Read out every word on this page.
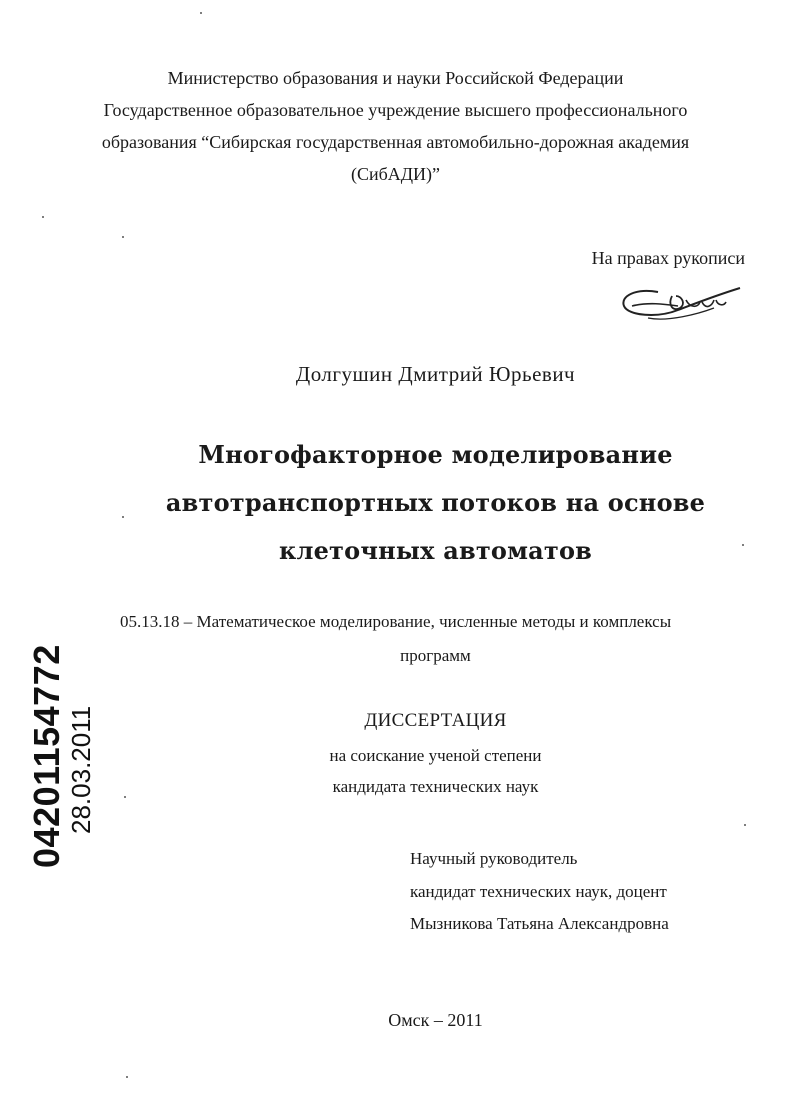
Министерство образования и науки Российской Федерации
Государственное образовательное учреждение высшего профессионального
образования “Сибирская государственная автомобильно-дорожная академия
(СибАДИ)”
На правах рукописи
Долгушин Дмитрий Юрьевич
Многофакторное моделирование
автотранспортных потоков на основе
клеточных автоматов
05.13.18 – Математическое моделирование, численные методы и комплексы
программ
ДИССЕРТАЦИЯ
на соискание ученой степени
кандидата технических наук
Научный руководитель
кандидат технических наук, доцент
Мызникова Татьяна Александровна
Омск – 2011
04201154772 28.03.2011
